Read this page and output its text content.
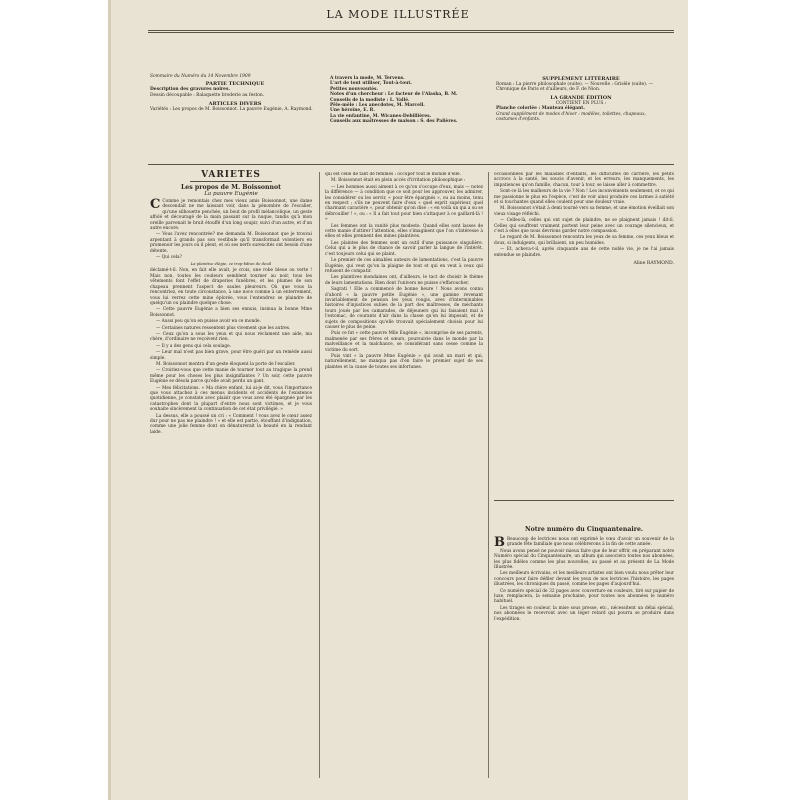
LA MODE ILLUSTRÉE
Sommaire du Numéro du 14 Novembre 1909
PARTIE TECHNIQUE
Description des gravures noires.
Dessin découpable : Balaquette broderie au feston.
ARTICLES DIVERS
Variétés : Les propos de M. Boissonnot. La pauvre Eugénie, A. Raymond.
A travers la mode, M. Tervens.
L'art de tout utiliser, Tout-à-tout.
Petites nouveautés.
Notes d'un chercheur : Le facteur de l'Alaska, B. M.
Conseils de la modiste : L. Vallé.
Pêle-mêle : Les anecdotes, M. Marcell.
Une héroïne, E. R.
La vie enfantine, M. Wicanes-Debillières.
Conseils aux maîtresses de maison : S. des Palières.
SUPPLÉMENT LITTÉRAIRE
Roman : La pierre philosophale (suite). — Nouvelle : Grisèle (suite). — Chronique de Paris et d'ailleurs, de F. de Nion.
LA GRANDE ÉDITION
CONTIENT EN PLUS :
Planche coloriée : Manteau élégant.
Grand supplément de modes d'hiver : modèles, toilettes, chapeaux, costumes d'enfants.
VARIÉTÉS
Les propos de M. Boissonnot
La pauvre Eugénie

C Comme je remontais chez mes vieux amis Boissonnot, une dame descendait ne me laissant voir, dans la pénombre de l'escalier, qu'une silhouette penchée, un bout de profil mélancolique, un geste affolé et découragé de la main passant sur la nuque, tandis qu'à mon oreille parvenait le bruit étouffé d'un long soupir, suivi d'un autre, et d'un autre encore.

— Vous l'avez rencontrée? me demanda M. Boissonnot que je trouvai arpentant à grands pas son vestibule qu'il transformait volontiers en promenoir les jours où il pleut, et où ses nerfs surexcités ont besoin d'une détente.

— Qui cela?

La plaintive élégie, ce trop-bâton de deuil

déclamé-t-il. Non, en fait elle avait, je crois, une robe bleue ou verte ! Mais non, toutes les couleurs semblent tourner au noir, tous les vêtements font l'effet de draperies funèbres, et les plumes de son chapeau prennent l'aspect de saules pleureurs. Où que vous la rencontriez, en toute circonstance, à une noce comme à un enterrement, vous lui verrez cette mine éplorée, vous l'entendrez se plaindre de quelqu'un ou plaindre quelque chose.

— Cette pauvre Eugénie a bien ses ennuis, insinua la bonne Mme Boissonnot.

— Aussi peu qu'on en puisse avoir en ce monde.

— Certaines natures ressentent plus vivement que les autres.

— Ceux qu'on a sous les yeux et qui nous réclament une aide, ma chère, d'ordinaire ne reçoivent rien.

— Il y a des gens qui cela soulage.

— Leur mal n'est pas bien grave, pour être guéri par un remède aussi simple.

M. Boissonnot montra d'un geste éloquent la porte de l'escalier.

— Croiriez-vous que cette manie de tourner tout au tragique la prend même pour les choses les plus insignifiantes ? Un soir, cette pauvre Eugénie se désola parce qu'elle avait perdu un gant.

— Mes félicitations. « Ma chère enfant, lui ai-je dit, vous l'importance que vous attachez à ces menus incidents et accidents de l'existence quotidienne, je constate avec plaisir que vous avez été épargnée par les catastrophes dont la plupart d'entre nous sont victimes, et je vous souhaite sincèrement la continuation de cet état privilégié. »

La dessus, elle a poussé un cri : « Comment ! vous avez le cœur assez dur pour ne pas me plaindre ! » et elle est partie, étouffant d'indignation, comme une jolie femme dont on dénaturerait la beauté en la rendant laide.

qui est celle de tant de femmes : occuper tout le monde d'elle.

M. Boissonnot était en plein accès d'irritation philosophique :

— Les hommes aussi aiment à ce qu'on s'occupe d'eux, mais — notez la différence — à condition que ce soit pour les approuver, les admirer, les considérer ou les servir, « pour être épargnés », ou au moins, tenu en respect ; s'ils ne peuvent faire d'eux « quel esprit supérieur, quel charmant caractère », pour obtenir qu'on dise : « en voilà un qui a su se débrouiller ! », ou : « Il a fait tout pour bien s'attaquer à ce gaillard-là ! »

Les femmes ont la vanité plus modeste. Quand elles sont lasses de cette manie d'attirer l'attention, elles s'imaginent que l'on s'intéresse à elles et elles prennent des mines plaintives.

Les plaintes des femmes sont un outil d'une puissance singulière. Celui qui a le plus de chance de savoir parler la langue de l'intérêt, c'est toujours celui qui se plaint.

Le premier de ces aimables auteurs de lamentations, c'est la pauvre Eugénie, qui veut qu'on la plaigne de tout et qui en veut à ceux qui refusent de compatir.

Les plaintives mondaines ont, d'ailleurs, le tact de choisir le thème de leurs lamentations. Rien dont l'univers ne puisse s'effaroucher.

Sagrati ! Elle a commencé de bonne heure ! Nous avons connu d'abord « la pauvre petite Eugénie », une gamine revenant invariablement de pension les yeux rougis, avec d'interminables histoires d'injustices subies de la part des maîtresses, de méchants tours joués par les camarades, de déjeuners qui lui faisaient mal à l'estomac, de courants d'air dans la classe qu'on lui imposait, et de sujets de compositions qu'elle trouvait spécialement choisis pour lui causer le plus de peine.

Puis ce fut « cette pauvre Mlle Eugénie », incomprise de ses parents, malmenée par ses frères et sœurs, poursuivie dans le monde par la malveillance et la malchance, se considérant sans cesse comme la victime du sort.

Puis vint « la pauvre Mme Eugénie » qui avait un mari et qui, naturellement, ne manqua pas d'en faire le premier sujet de ses plaintes et la cause de toutes ses infortunes.

occasionnées par les maladies d'enfants, les difficultés de carrière, les petits accrocs à la santé, les soucis d'avenir, et les erreurs, les manquements, les impatiences qu'on famille, chacun, tour à tour, se laisse aller à commettre.

Sont-ce là les malheurs de la vie ? Non ! Les inconvénients seulement, et ce qui me passionne le plus en l'espèce, c'est de voir ainsi produire ces larmes à satiété et si touchantes quand elles coulent pour une douleur vraie.

M. Boissonnot s'était à demi tourné vers sa femme, et une émotion éveillait son vieux visage réfléchi.

— Celles-là, celles qui ont sujet de plaindre, ne se plaignent jamais ! dit-il. Celles qui souffrent vraiment portent leur peine avec un courage silencieux, et c'est à elles que nous devrions garder notre compassion.

Le regard de M. Boissonnot rencontra les yeux de sa femme, ces yeux bleus et doux, si indulgents, qui brillaient, un peu humides.

— Et, acheva-t-il, après cinquante ans de cette noble vie, je ne l'ai jamais entendue se plaindre.

Aline RAYMOND.
Notre numéro du Cinquantenaire.

B Beaucoup de lectrices nous ont exprimé le vœu d'avoir un souvenir de la grande fête familiale que nous célébrerons à la fin de cette année.

Nous avons pensé ne pouvoir mieux faire que de leur offrir, en préparant notre Numéro spécial du Cinquantenaire, un album qui associera toutes nos abonnées, les plus fidèles comme les plus nouvelles, au passé et au présent de La Mode Illustrée.

Les meilleurs écrivains, et les meilleurs artistes ont bien voulu nous prêter leur concours pour faire défiler devant les yeux de nos lectrices l'histoire, les pages illustrées, les chroniques du passé, comme les pages d'aujourd'hui.

Ce numéro spécial de 32 pages avec couverture en couleurs, tiré sur papier de luxe, remplacera, la semaine prochaine, pour toutes nos abonnées le numéro habituel.

Les tirages en couleur, la mise sous presse, etc., nécessitent un délai spécial, nos abonnées le recevront avec un léger retard qui pourra se produire dans l'expédition.
